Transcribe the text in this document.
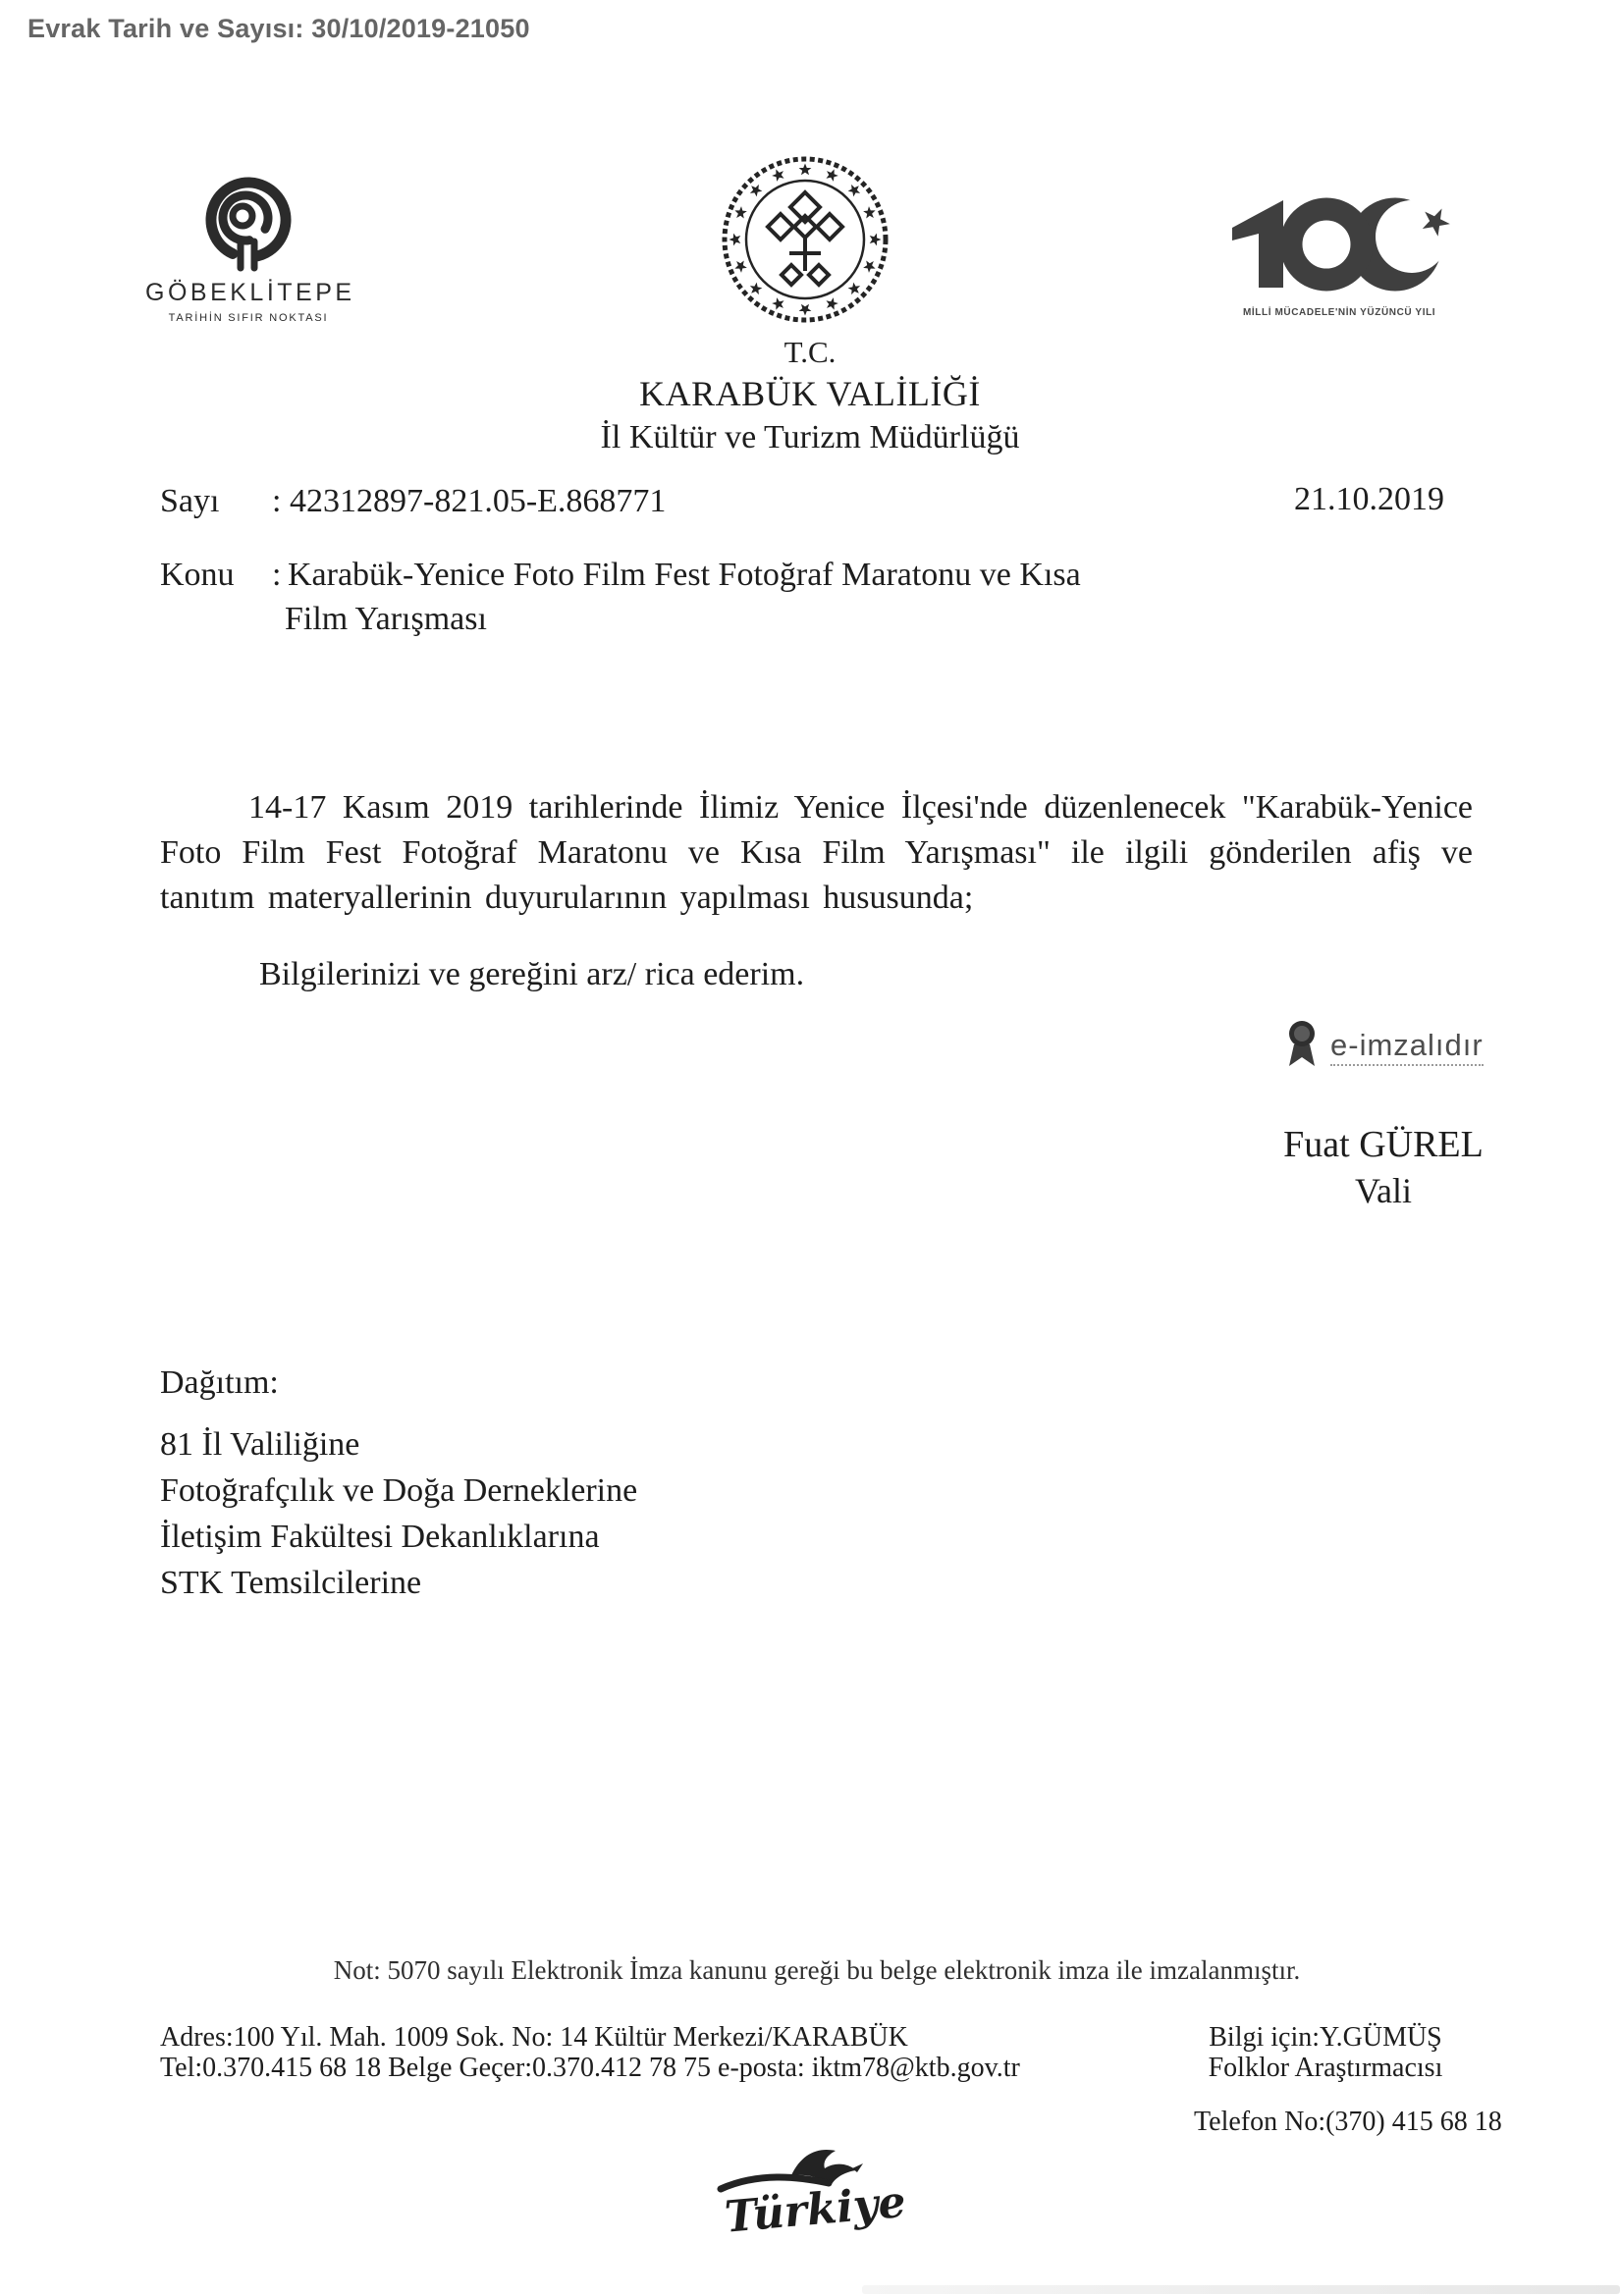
Evrak Tarih ve Sayısı: 30/10/2019-21050
GÖBEKLİTEPE
TARİHİN SIFIR NOKTASI
T.C.
KARABÜK VALİLİĞİ
İl Kültür ve Turizm Müdürlüğü
MİLLİ MÜCADELE'NİN YÜZÜNCÜ YILI
Sayı : 42312897-821.05-E.868771	21.10.2019
Konu : Karabük-Yenice Foto Film Fest Fotoğraf Maratonu ve Kısa
Film Yarışması
14-17 Kasım 2019 tarihlerinde İlimiz Yenice İlçesi'nde düzenlenecek "Karabük-Yenice Foto Film Fest Fotoğraf Maratonu ve Kısa Film Yarışması" ile ilgili gönderilen afiş ve tanıtım materyallerinin duyurularının yapılması hususunda;
Bilgilerinizi ve gereğini arz/ rica ederim.
e-imzalıdır
Fuat GÜREL
Vali
Dağıtım:
81 İl Valiliğine
Fotoğrafçılık ve Doğa Derneklerine
İletişim Fakültesi Dekanlıklarına
STK Temsilcilerine
Not: 5070 sayılı Elektronik İmza kanunu gereği bu belge elektronik imza ile imzalanmıştır.
Adres:100 Yıl. Mah. 1009 Sok. No: 14 Kültür Merkezi/KARABÜK
Tel:0.370.415 68 18 Belge Geçer:0.370.412 78 75 e-posta: iktm78@ktb.gov.tr
Bilgi için:Y.GÜMÜŞ
Folklor Araştırmacısı
Telefon No:(370) 415 68 18
Türkiye
